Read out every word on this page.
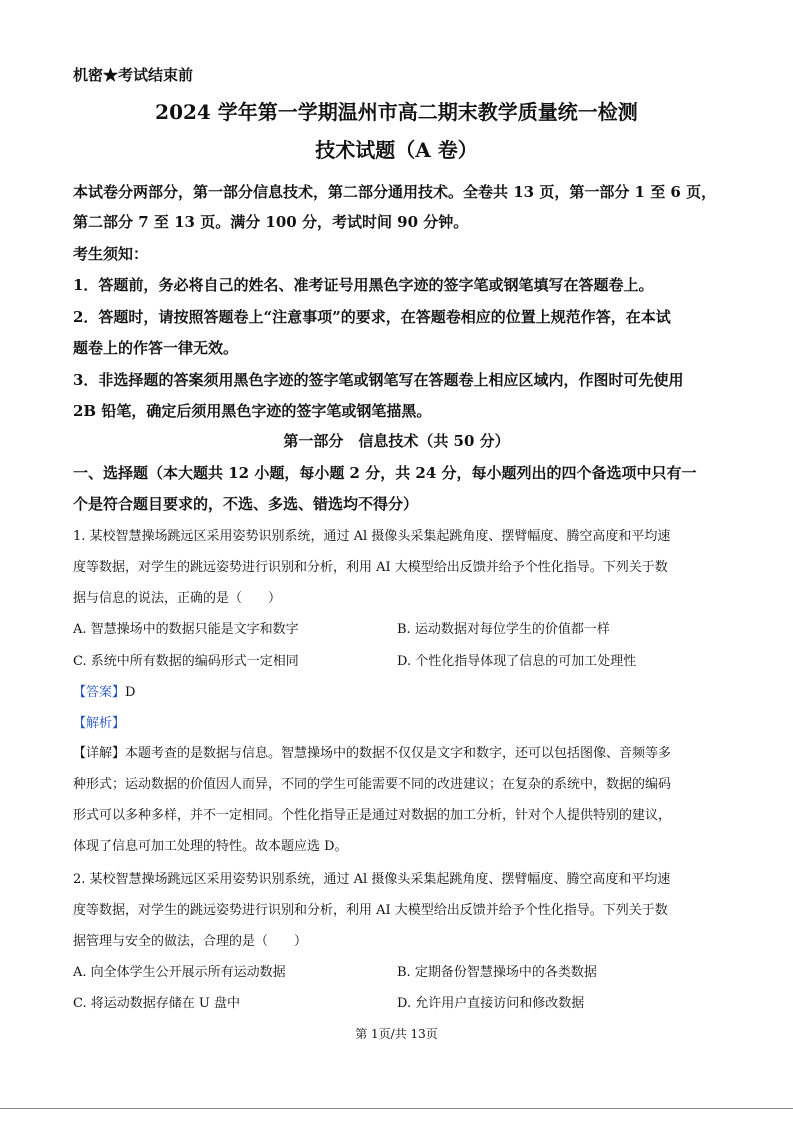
机密★考试结束前
2024 学年第一学期温州市高二期末教学质量统一检测
技术试题（A 卷）
本试卷分两部分，第一部分信息技术，第二部分通用技术。全卷共 13 页，第一部分 1 至 6 页，
第二部分 7 至 13 页。满分 100 分，考试时间 90 分钟。
考生须知：
1．答题前，务必将自己的姓名、准考证号用黑色字迹的签字笔或钢笔填写在答题卷上。
2．答题时，请按照答题卷上“注意事项”的要求，在答题卷相应的位置上规范作答，在本试
题卷上的作答一律无效。
3．非选择题的答案须用黑色字迹的签字笔或钢笔写在答题卷上相应区域内，作图时可先使用
2B 铅笔，确定后须用黑色字迹的签字笔或钢笔描黑。
第一部分　信息技术（共 50 分）
一、选择题（本大题共 12 小题，每小题 2 分，共 24 分，每小题列出的四个备选项中只有一
个是符合题目要求的，不选、多选、错选均不得分）
1. 某校智慧操场跳远区采用姿势识别系统，通过 Al 摄像头采集起跳角度、摆臂幅度、腾空高度和平均速
度等数据，对学生的跳远姿势进行识别和分析，利用 AI 大模型给出反馈并给予个性化指导。下列关于数
据与信息的说法，正确的是（　　）
A. 智慧操场中的数据只能是文字和数字	B. 运动数据对每位学生的价值都一样
C. 系统中所有数据的编码形式一定相同	D. 个性化指导体现了信息的可加工处理性
【答案】D
【解析】
【详解】本题考查的是数据与信息。智慧操场中的数据不仅仅是文字和数字，还可以包括图像、音频等多
种形式；运动数据的价值因人而异，不同的学生可能需要不同的改进建议；在复杂的系统中，数据的编码
形式可以多种多样，并不一定相同。个性化指导正是通过对数据的加工分析，针对个人提供特别的建议，
体现了信息可加工处理的特性。故本题应选 D。
2. 某校智慧操场跳远区采用姿势识别系统，通过 Al 摄像头采集起跳角度、摆臂幅度、腾空高度和平均速
度等数据，对学生的跳远姿势进行识别和分析，利用 AI 大模型给出反馈并给予个性化指导。下列关于数
据管理与安全的做法，合理的是（　　）
A. 向全体学生公开展示所有运动数据	B. 定期备份智慧操场中的各类数据
C. 将运动数据存储在 U 盘中	D. 允许用户直接访问和修改数据
第 1页/共 13页
